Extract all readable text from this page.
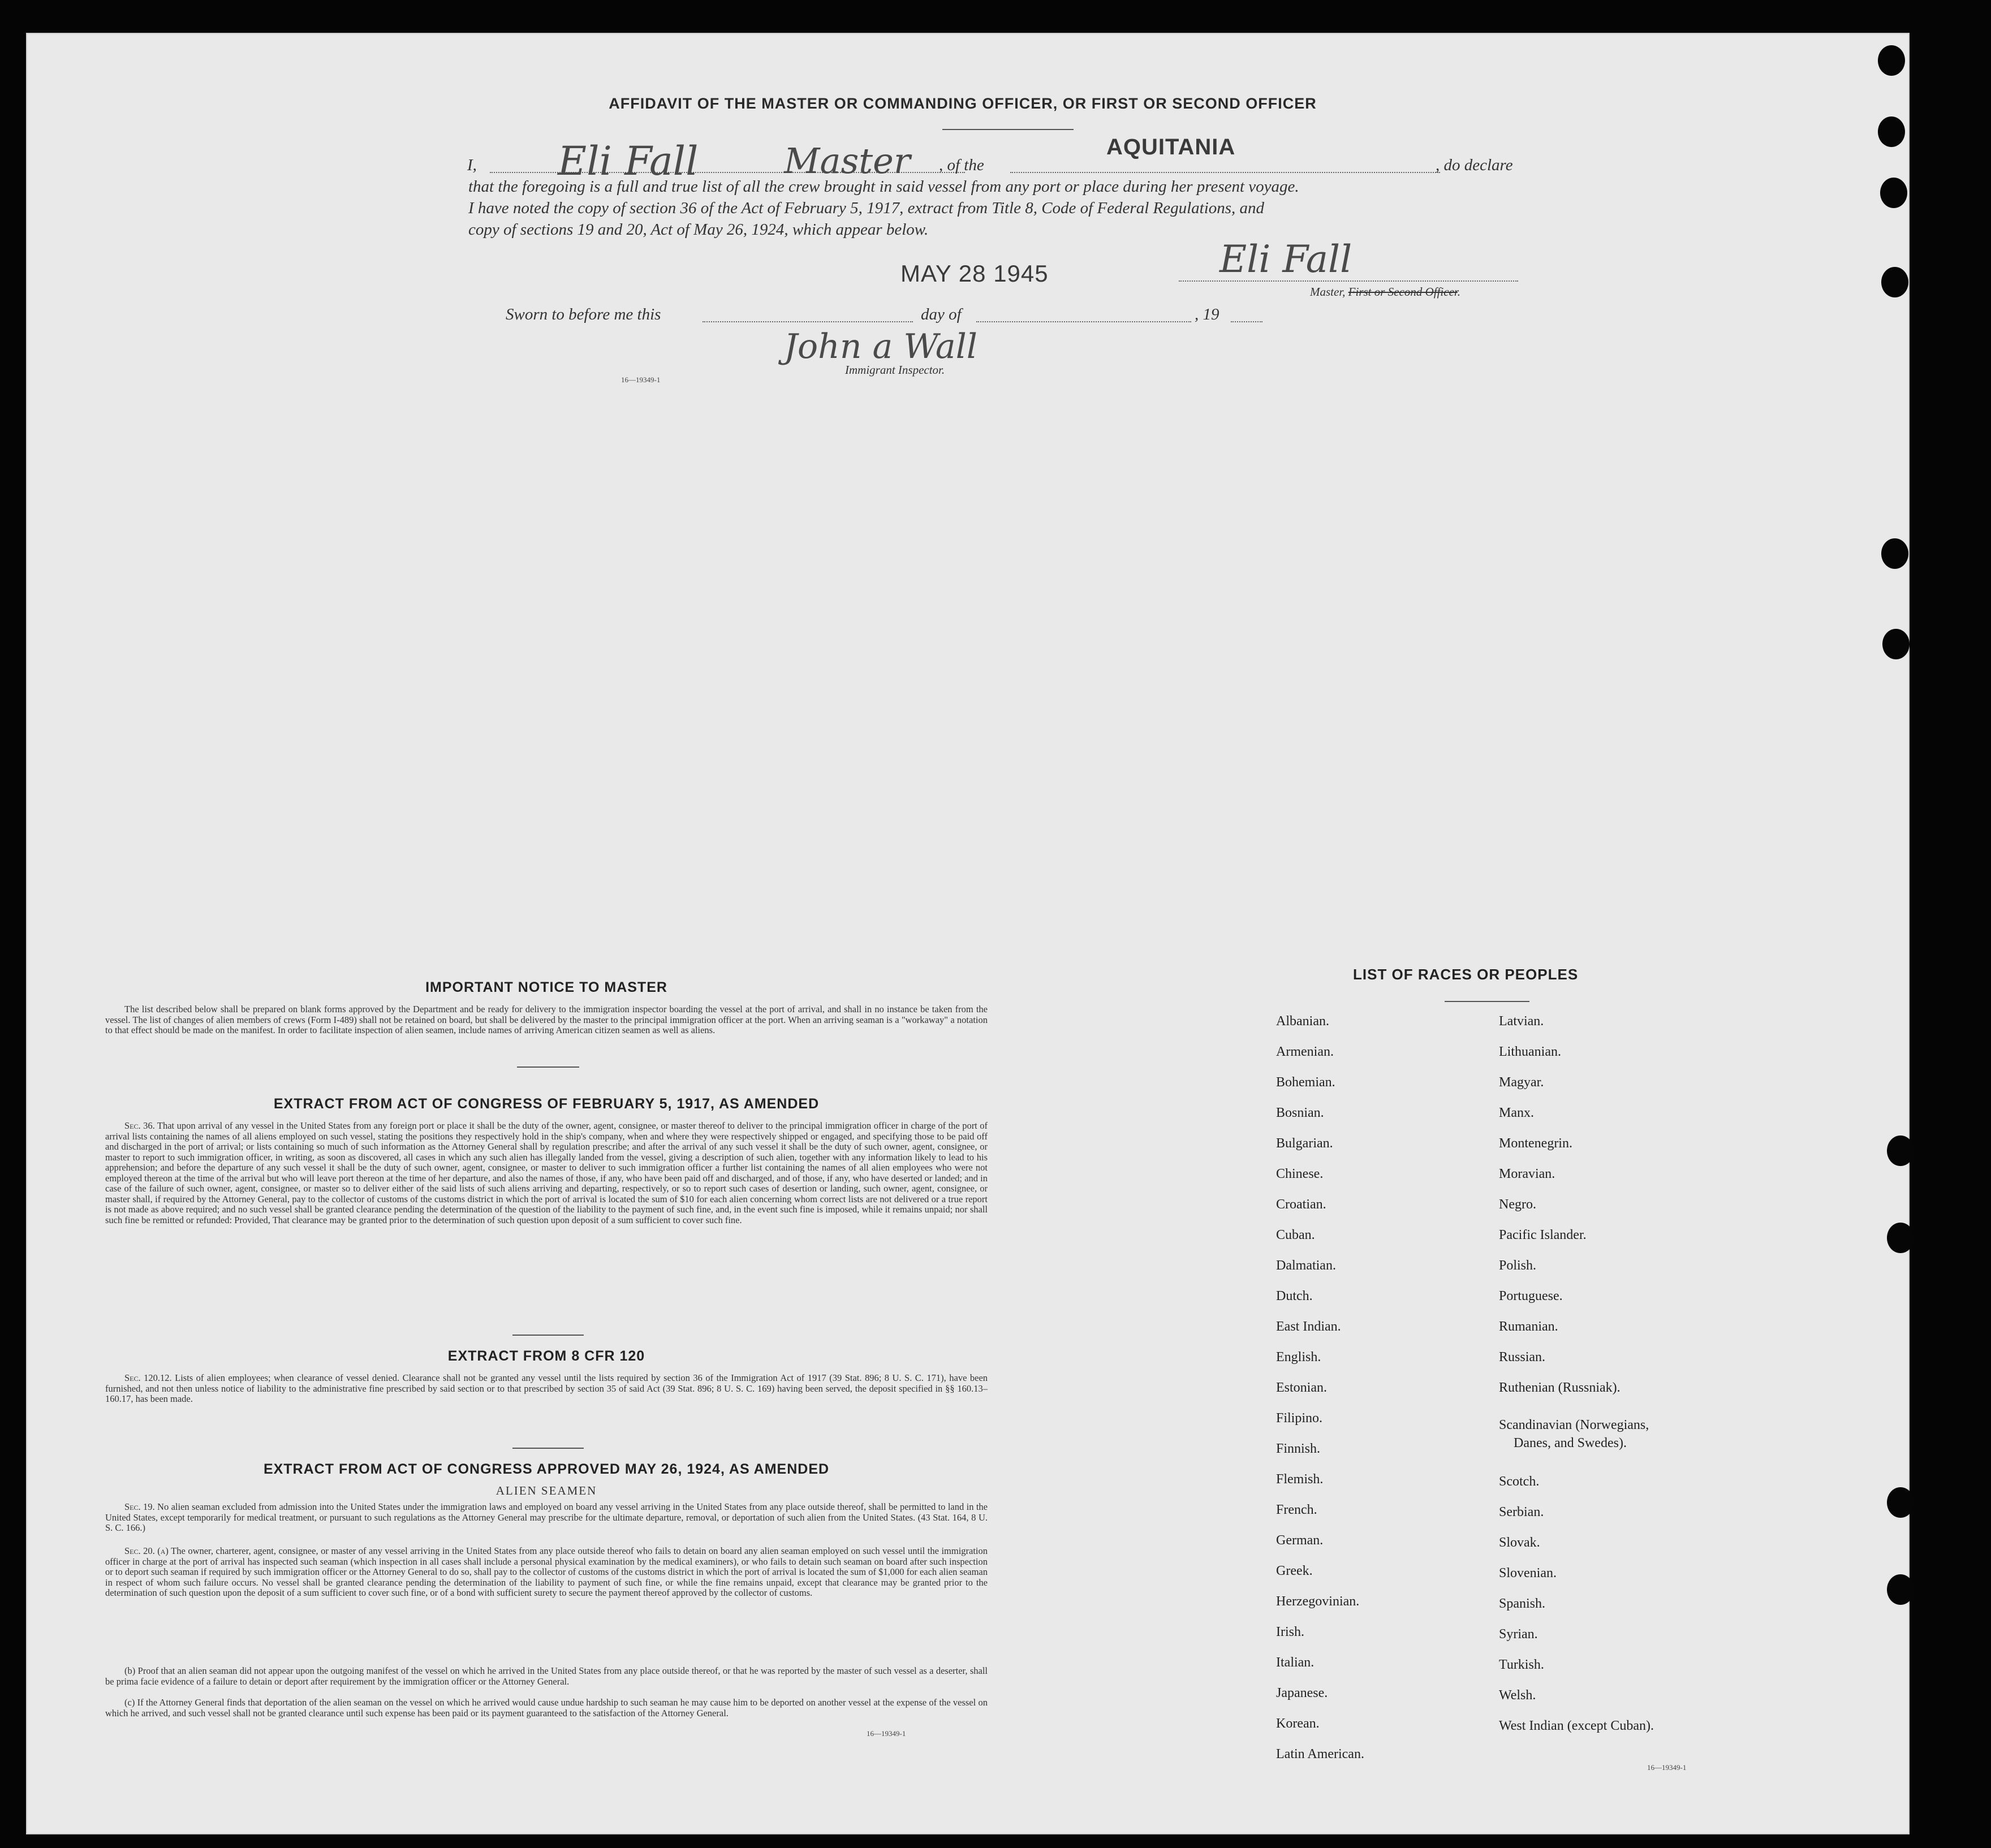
AFFIDAVIT OF THE MASTER OR COMMANDING OFFICER, OR FIRST OR SECOND OFFICER
I, Eli Fall Master , of the
AQUITANIA
, do declare
that the foregoing is a full and true list of all the crew brought in said vessel from any port or place during her present voyage.
I have noted the copy of section 36 of the Act of February 5, 1917, extract from Title 8, Code of Federal Regulations, and
copy of sections 19 and 20, Act of May 26, 1924, which appear below.
MAY 28 1945	Eli Fall
Master, First or Second Officer.
Sworn to before me this	day of	, 19
John a Wall
Immigrant Inspector.
16—19349-1
IMPORTANT NOTICE TO MASTER

The list described below shall be prepared on blank forms approved by the Department and be ready for delivery to the immigration inspector boarding the vessel at the port of arrival, and shall in no instance be taken from the vessel. The list of changes of alien members of crews (Form I-489) shall not be retained on board, but shall be delivered by the master to the principal immigration officer at the port. When an arriving seaman is a "workaway" a notation to that effect should be made on the manifest. In order to facilitate inspection of alien seamen, include names of arriving American citizen seamen as well as aliens.

EXTRACT FROM ACT OF CONGRESS OF FEBRUARY 5, 1917, AS AMENDED

Sec. 36. That upon arrival of any vessel in the United States from any foreign port or place it shall be the duty of the owner, agent, consignee, or master thereof to deliver to the principal immigration officer in charge of the port of arrival lists containing the names of all aliens employed on such vessel, stating the positions they respectively hold in the ship's company, when and where they were respectively shipped or engaged, and specifying those to be paid off and discharged in the port of arrival; or lists containing so much of such information as the Attorney General shall by regulation prescribe; and after the arrival of any such vessel it shall be the duty of such owner, agent, consignee, or master to report to such immigration officer, in writing, as soon as discovered, all cases in which any such alien has illegally landed from the vessel, giving a description of such alien, together with any information likely to lead to his apprehension; and before the departure of any such vessel it shall be the duty of such owner, agent, consignee, or master to deliver to such immigration officer a further list containing the names of all alien employees who were not employed thereon at the time of the arrival but who will leave port thereon at the time of her departure, and also the names of those, if any, who have been paid off and discharged, and of those, if any, who have deserted or landed; and in case of the failure of such owner, agent, consignee, or master so to deliver either of the said lists of such aliens arriving and departing, respectively, or so to report such cases of desertion or landing, such owner, agent, consignee, or master shall, if required by the Attorney General, pay to the collector of customs of the customs district in which the port of arrival is located the sum of $10 for each alien concerning whom correct lists are not delivered or a true report is not made as above required; and no such vessel shall be granted clearance pending the determination of the question of the liability to the payment of such fine, and, in the event such fine is imposed, while it remains unpaid; nor shall such fine be remitted or refunded: Provided, That clearance may be granted prior to the determination of such question upon deposit of a sum sufficient to cover such fine.

EXTRACT FROM 8 CFR 120

Sec. 120.12. Lists of alien employees; when clearance of vessel denied. Clearance shall not be granted any vessel until the lists required by section 36 of the Immigration Act of 1917 (39 Stat. 896; 8 U. S. C. 171), have been furnished, and not then unless notice of liability to the administrative fine prescribed by said section or to that prescribed by section 35 of said Act (39 Stat. 896; 8 U. S. C. 169) having been served, the deposit specified in §§ 160.13–160.17, has been made.

EXTRACT FROM ACT OF CONGRESS APPROVED MAY 26, 1924, AS AMENDED
ALIEN SEAMEN

Sec. 19. No alien seaman excluded from admission into the United States under the immigration laws and employed on board any vessel arriving in the United States from any place outside thereof, shall be permitted to land in the United States, except temporarily for medical treatment, or pursuant to such regulations as the Attorney General may prescribe for the ultimate departure, removal, or deportation of such alien from the United States. (43 Stat. 164, 8 U. S. C. 166.)

Sec. 20. (a) The owner, charterer, agent, consignee, or master of any vessel arriving in the United States from any place outside thereof who fails to detain on board any alien seaman employed on such vessel until the immigration officer in charge at the port of arrival has inspected such seaman (which inspection in all cases shall include a personal physical examination by the medical examiners), or who fails to detain such seaman on board after such inspection or to deport such seaman if required by such immigration officer or the Attorney General to do so, shall pay to the collector of customs of the customs district in which the port of arrival is located the sum of $1,000 for each alien seaman in respect of whom such failure occurs. No vessel shall be granted clearance pending the determination of the liability to payment of such fine, or while the fine remains unpaid, except that clearance may be granted prior to the determination of such question upon the deposit of a sum sufficient to cover such fine, or of a bond with sufficient surety to secure the payment thereof approved by the collector of customs.

(b) Proof that an alien seaman did not appear upon the outgoing manifest of the vessel on which he arrived in the United States from any place outside thereof, or that he was reported by the master of such vessel as a deserter, shall be prima facie evidence of a failure to detain or deport after requirement by the immigration officer or the Attorney General.

(c) If the Attorney General finds that deportation of the alien seaman on the vessel on which he arrived would cause undue hardship to such seaman he may cause him to be deported on another vessel at the expense of the vessel on which he arrived, and such vessel shall not be granted clearance until such expense has been paid or its payment guaranteed to the satisfaction of the Attorney General.

16—19349-1
LIST OF RACES OR PEOPLES
Albanian.
Armenian.
Bohemian.
Bosnian.
Bulgarian.
Chinese.
Croatian.
Cuban.
Dalmatian.
Dutch.
East Indian.
English.
Estonian.
Filipino.
Finnish.
Flemish.
French.
German.
Greek.
Herzegovinian.
Irish.
Italian.
Japanese.
Korean.
Latin American.
Latvian.
Lithuanian.
Magyar.
Manx.
Montenegrin.
Moravian.
Negro.
Pacific Islander.
Polish.
Portuguese.
Rumanian.
Russian.
Ruthenian (Russniak).
Scandinavian (Norwegians,
Danes, and Swedes).
Scotch.
Serbian.
Slovak.
Slovenian.
Spanish.
Syrian.
Turkish.
Welsh.
West Indian (except Cuban).
16—19349-1
